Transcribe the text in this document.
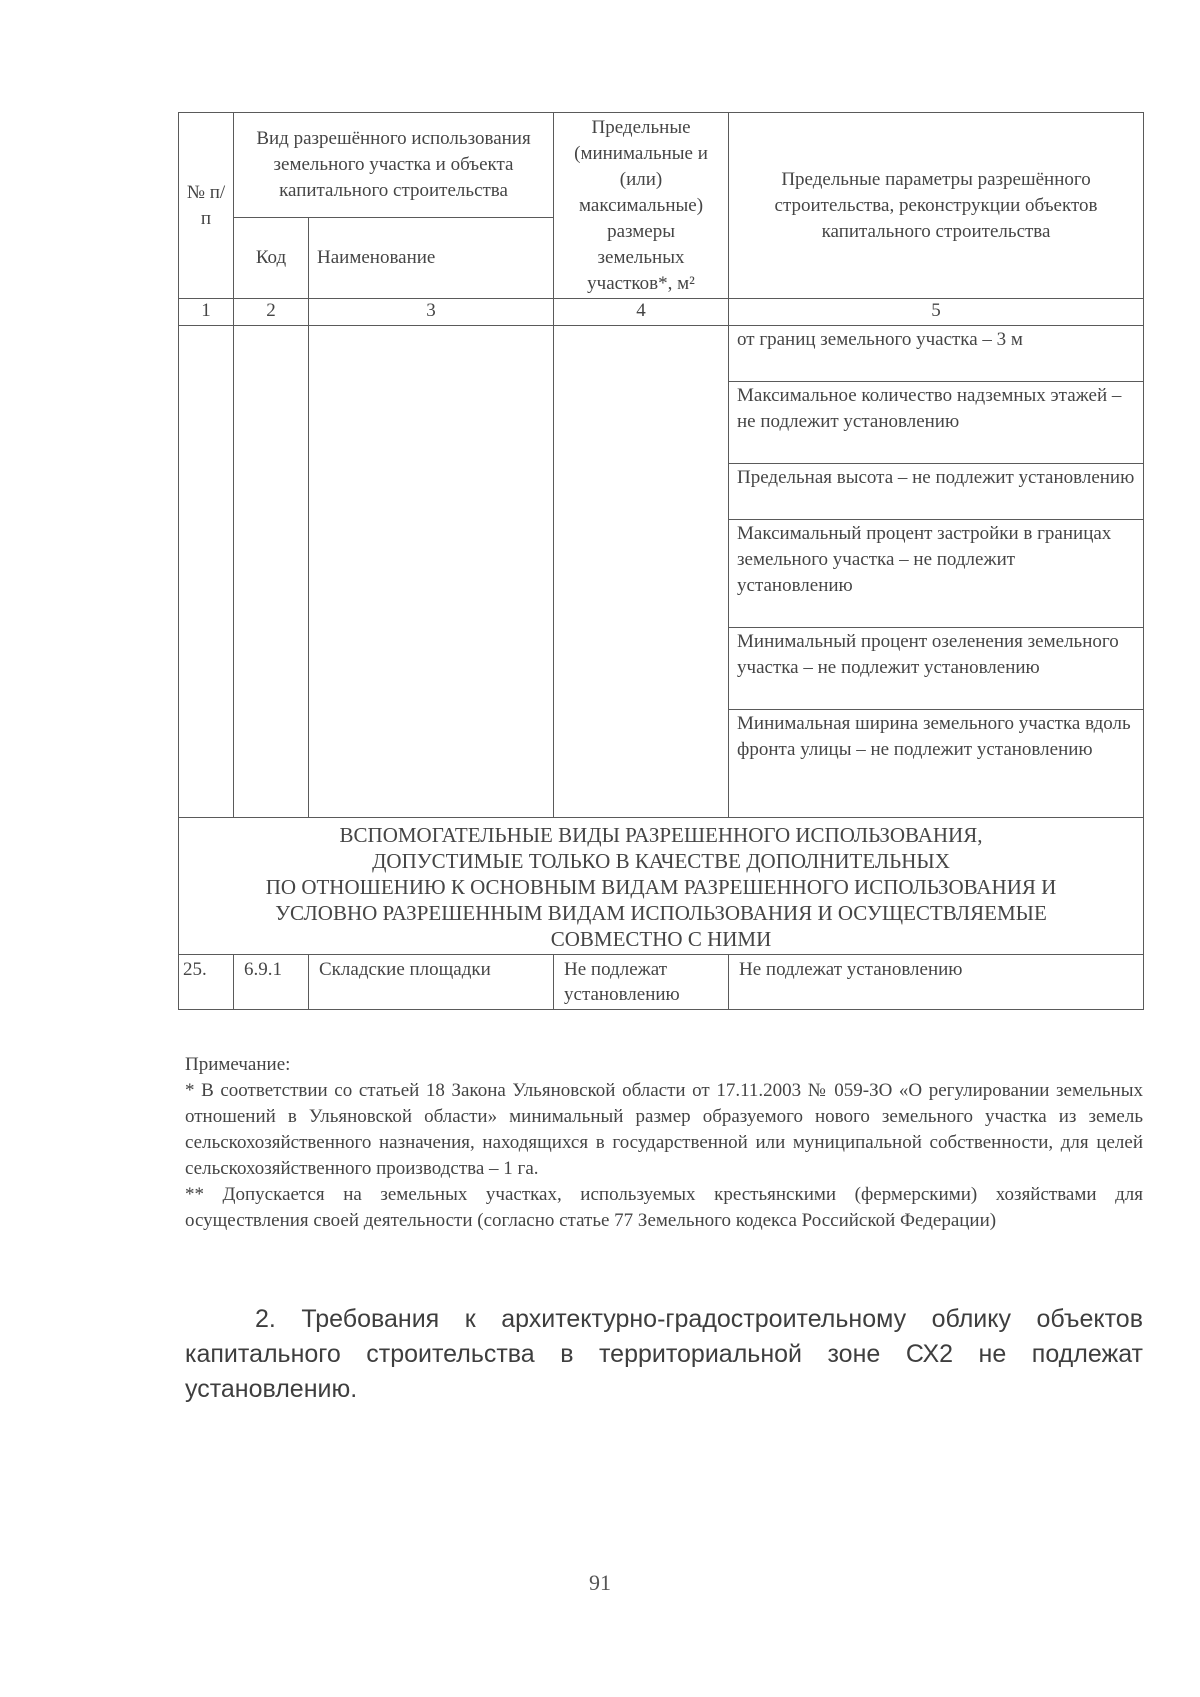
№ п/п	Вид разрешённого использования земельного участка и объекта капитального строительства		Предельные (минимальные и (или) максимальные) размеры земельных участков*, м²	Предельные параметры разрешённого строительства, реконструкции объектов капитального строительства
	Код	Наименование		
1	2	3	4	5
				от границ земельного участка – 3 м
				Максимальное количество надземных этажей – не подлежит установлению
				Предельная высота – не подлежит установлению
				Максимальный процент застройки в границах земельного участка – не подлежит установлению
				Минимальный процент озеленения земельного участка – не подлежит установлению
				Минимальная ширина земельного участка вдоль фронта улицы – не подлежит установлению

ВСПОМОГАТЕЛЬНЫЕ ВИДЫ РАЗРЕШЕННОГО ИСПОЛЬЗОВАНИЯ,
ДОПУСТИМЫЕ ТОЛЬКО В КАЧЕСТВЕ ДОПОЛНИТЕЛЬНЫХ
ПО ОТНОШЕНИЮ К ОСНОВНЫМ ВИДАМ РАЗРЕШЕННОГО ИСПОЛЬЗОВАНИЯ И
УСЛОВНО РАЗРЕШЕННЫМ ВИДАМ ИСПОЛЬЗОВАНИЯ И ОСУЩЕСТВЛЯЕМЫЕ
СОВМЕСТНО С НИМИ				

25.	6.9.1	Складские площадки	Не подлежат установлению	Не подлежат установлению

Примечание:

* В соответствии со статьей 18 Закона Ульяновской области от 17.11.2003 № 059-ЗО «О регулировании земельных отношений в Ульяновской области» минимальный размер образуемого нового земельного участка из земель сельскохозяйственного назначения, находящихся в государственной или муниципальной собственности, для целей сельскохозяйственного производства – 1 га.

** Допускается на земельных участках, используемых крестьянскими (фермерскими) хозяйствами для осуществления своей деятельности (согласно статье 77 Земельного кодекса Российской Федерации)

2. Требования к архитектурно-градостроительному облику объектов капитального строительства в территориальной зоне СХ2 не подлежат установлению.

91
